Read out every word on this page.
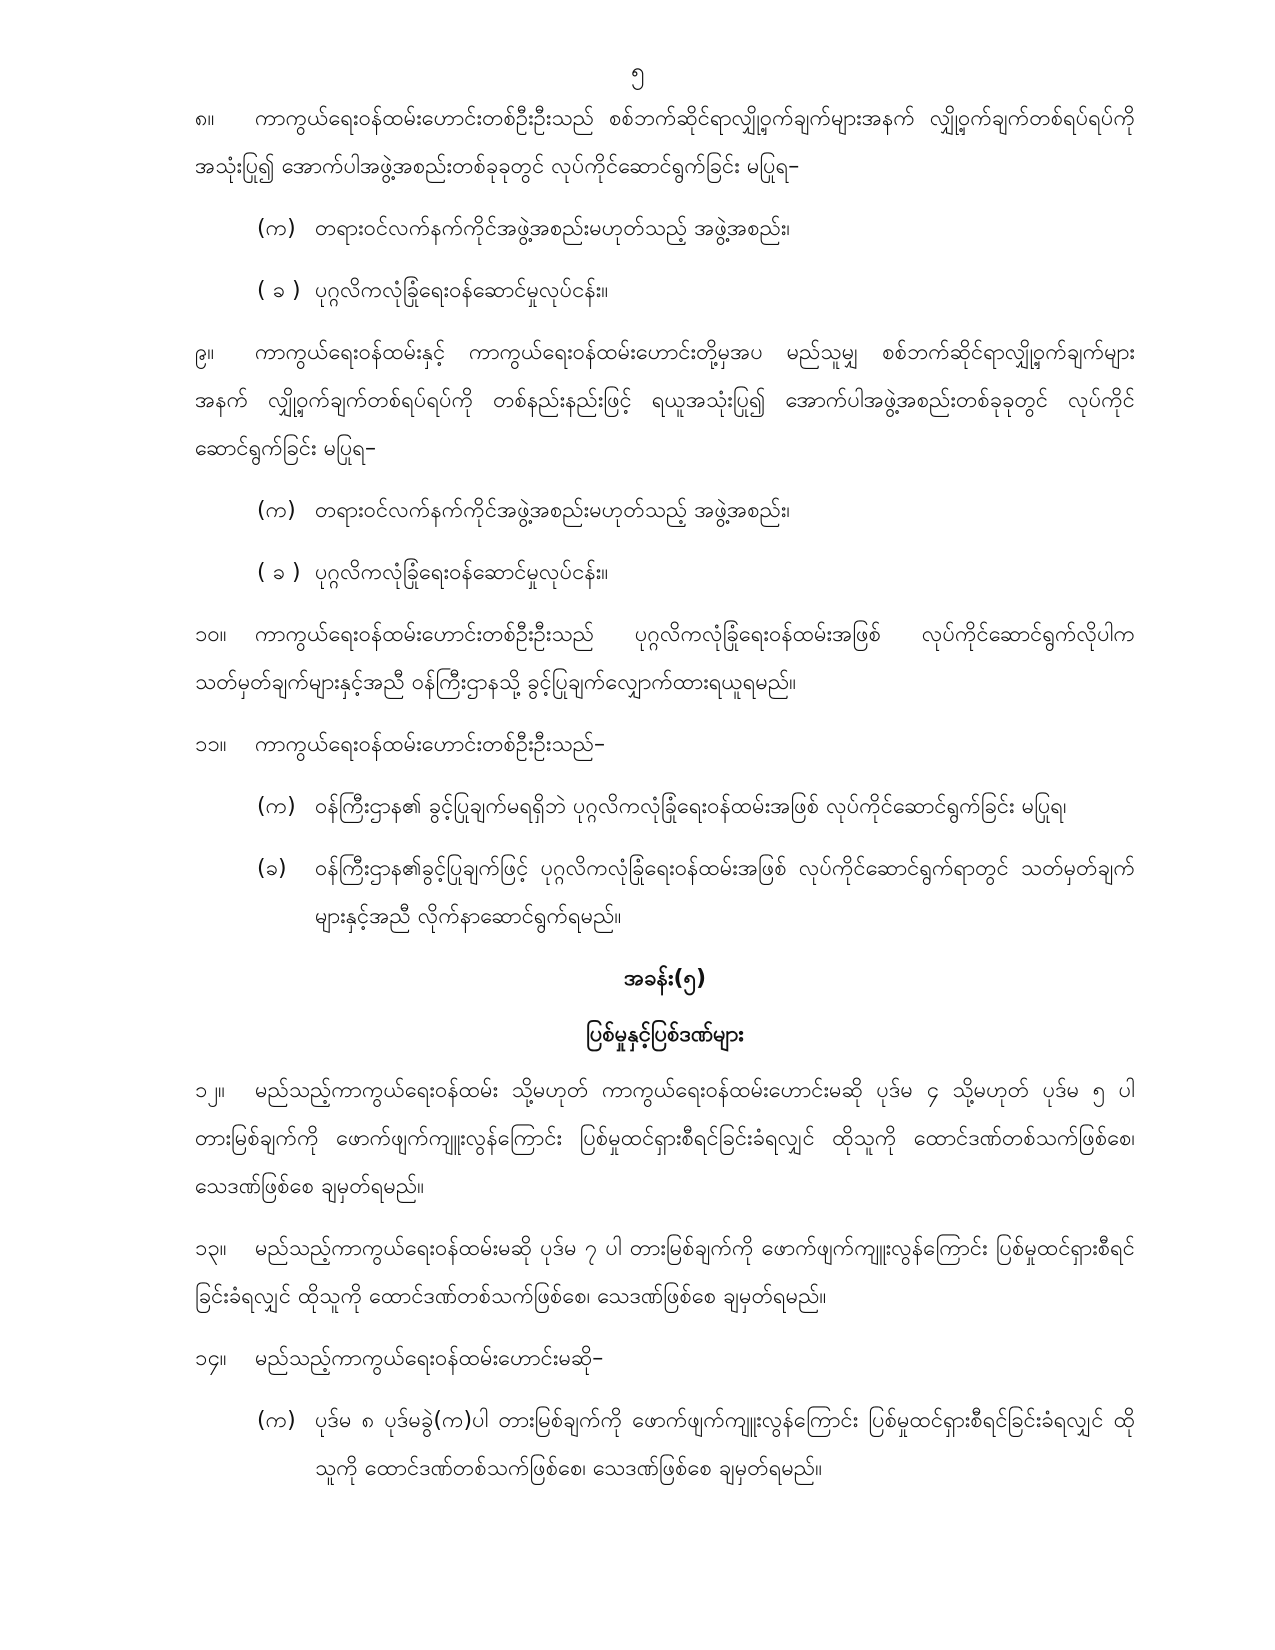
၅

၈။ ကာကွယ်ရေးဝန်ထမ်းဟောင်းတစ်ဦးဦးသည် စစ်ဘက်ဆိုင်ရာလျှို့ဝှက်ချက်များအနက် လျှို့ဝှက်ချက်တစ်ရပ်ရပ်ကို အသုံးပြု၍ အောက်ပါအဖွဲ့အစည်းတစ်ခုခုတွင် လုပ်ကိုင်ဆောင်ရွက်ခြင်း မပြုရ–

(က) တရားဝင်လက်နက်ကိုင်အဖွဲ့အစည်းမဟုတ်သည့် အဖွဲ့အစည်း၊
( ခ ) ပုဂ္ဂလိကလုံခြုံရေးဝန်ဆောင်မှုလုပ်ငန်း။

၉။ ကာကွယ်ရေးဝန်ထမ်းနှင့် ကာကွယ်ရေးဝန်ထမ်းဟောင်းတို့မှအပ မည်သူမျှ စစ်ဘက်ဆိုင်ရာလျှို့ဝှက်ချက်များအနက် လျှို့ဝှက်ချက်တစ်ရပ်ရပ်ကို တစ်နည်းနည်းဖြင့် ရယူအသုံးပြု၍ အောက်ပါအဖွဲ့အစည်းတစ်ခုခုတွင် လုပ်ကိုင်ဆောင်ရွက်ခြင်း မပြုရ–

(က) တရားဝင်လက်နက်ကိုင်အဖွဲ့အစည်းမဟုတ်သည့် အဖွဲ့အစည်း၊
( ခ ) ပုဂ္ဂလိကလုံခြုံရေးဝန်ဆောင်မှုလုပ်ငန်း။

၁၀။ ကာကွယ်ရေးဝန်ထမ်းဟောင်းတစ်ဦးဦးသည် ပုဂ္ဂလိကလုံခြုံရေးဝန်ထမ်းအဖြစ် လုပ်ကိုင်ဆောင်ရွက်လိုပါက သတ်မှတ်ချက်များနှင့်အညီ ဝန်ကြီးဌာနသို့ ခွင့်ပြုချက်လျှောက်ထားရယူရမည်။

၁၁။ ကာကွယ်ရေးဝန်ထမ်းဟောင်းတစ်ဦးဦးသည်–

(က) ဝန်ကြီးဌာန၏ ခွင့်ပြုချက်မရရှိဘဲ ပုဂ္ဂလိကလုံခြုံရေးဝန်ထမ်းအဖြစ် လုပ်ကိုင်ဆောင်ရွက်ခြင်း မပြုရ၊
(ခ)	ဝန်ကြီးဌာန၏ခွင့်ပြုချက်ဖြင့် ပုဂ္ဂလိကလုံခြုံရေးဝန်ထမ်းအဖြစ် လုပ်ကိုင်ဆောင်ရွက်ရာတွင် သတ်မှတ်ချက်များနှင့်အညီ လိုက်နာဆောင်ရွက်ရမည်။
အခန်း(၅)
ပြစ်မှုနှင့်ပြစ်ဒဏ်များ

၁၂။ မည်သည့်ကာကွယ်ရေးဝန်ထမ်း သို့မဟုတ် ကာကွယ်ရေးဝန်ထမ်းဟောင်းမဆို ပုဒ်မ ၄ သို့မဟုတ် ပုဒ်မ ၅ ပါ တားမြစ်ချက်ကို ဖောက်ဖျက်ကျူးလွန်ကြောင်း ပြစ်မှုထင်ရှားစီရင်ခြင်းခံရလျှင် ထိုသူကို ထောင်ဒဏ်တစ်သက်ဖြစ်စေ၊ သေဒဏ်ဖြစ်စေ ချမှတ်ရမည်။

၁၃။ မည်သည့်ကာကွယ်ရေးဝန်ထမ်းမဆို ပုဒ်မ ၇ ပါ တားမြစ်ချက်ကို ဖောက်ဖျက်ကျူးလွန်ကြောင်း ပြစ်မှုထင်ရှားစီရင်ခြင်းခံရလျှင် ထိုသူကို ထောင်ဒဏ်တစ်သက်ဖြစ်စေ၊ သေဒဏ်ဖြစ်စေ ချမှတ်ရမည်။

၁၄။ မည်သည့်ကာကွယ်ရေးဝန်ထမ်းဟောင်းမဆို–

(က) ပုဒ်မ ၈ ပုဒ်မခွဲ(က)ပါ တားမြစ်ချက်ကို ဖောက်ဖျက်ကျူးလွန်ကြောင်း ပြစ်မှုထင်ရှားစီရင်ခြင်းခံရလျှင် ထိုသူကို ထောင်ဒဏ်တစ်သက်ဖြစ်စေ၊ သေဒဏ်ဖြစ်စေ ချမှတ်ရမည်။
